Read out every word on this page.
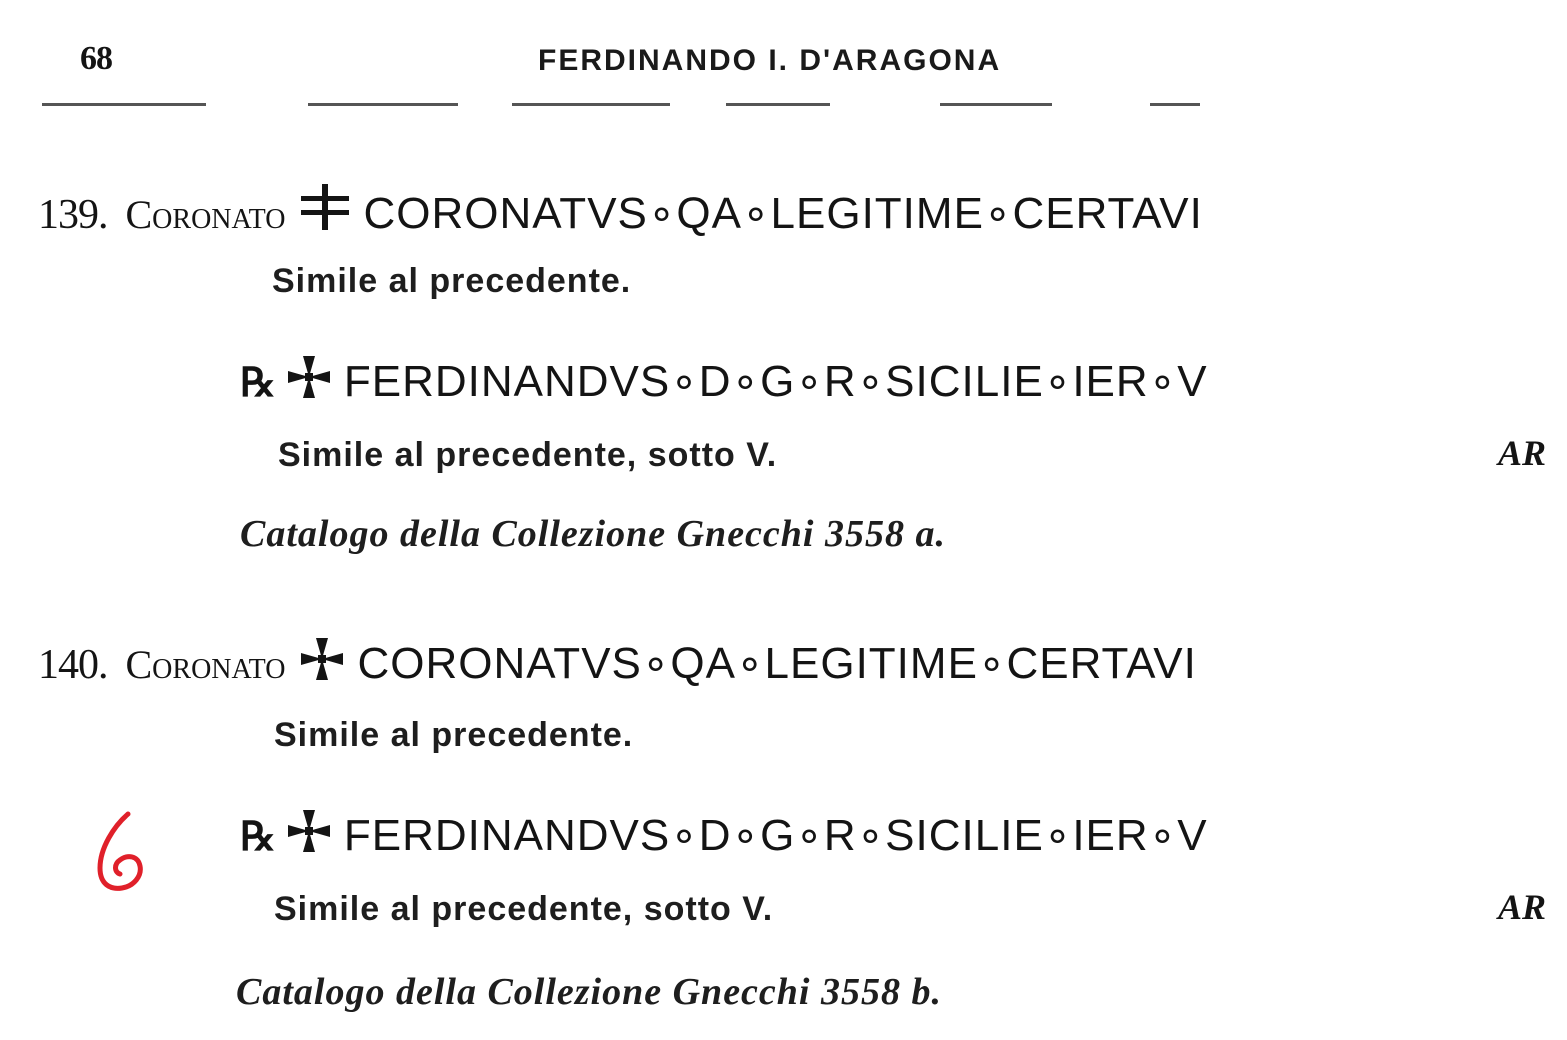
68	FERDINANDO I. D'ARAGONA
139. Coronato CORONATVS∘QA∘LEGITIME∘CERTAVI
Simile al precedente.
℞ FERDINANDVS∘D∘G∘R∘SICILIE∘IER∘V
Simile al precedente, sotto V.	AR
Catalogo della Collezione Gnecchi 3558 a.
140. Coronato CORONATVS∘QA∘LEGITIME∘CERTAVI
Simile al precedente.
℞ FERDINANDVS∘D∘G∘R∘SICILIE∘IER∘V
Simile al precedente, sotto V.	AR
Catalogo della Collezione Gnecchi 3558 b.
